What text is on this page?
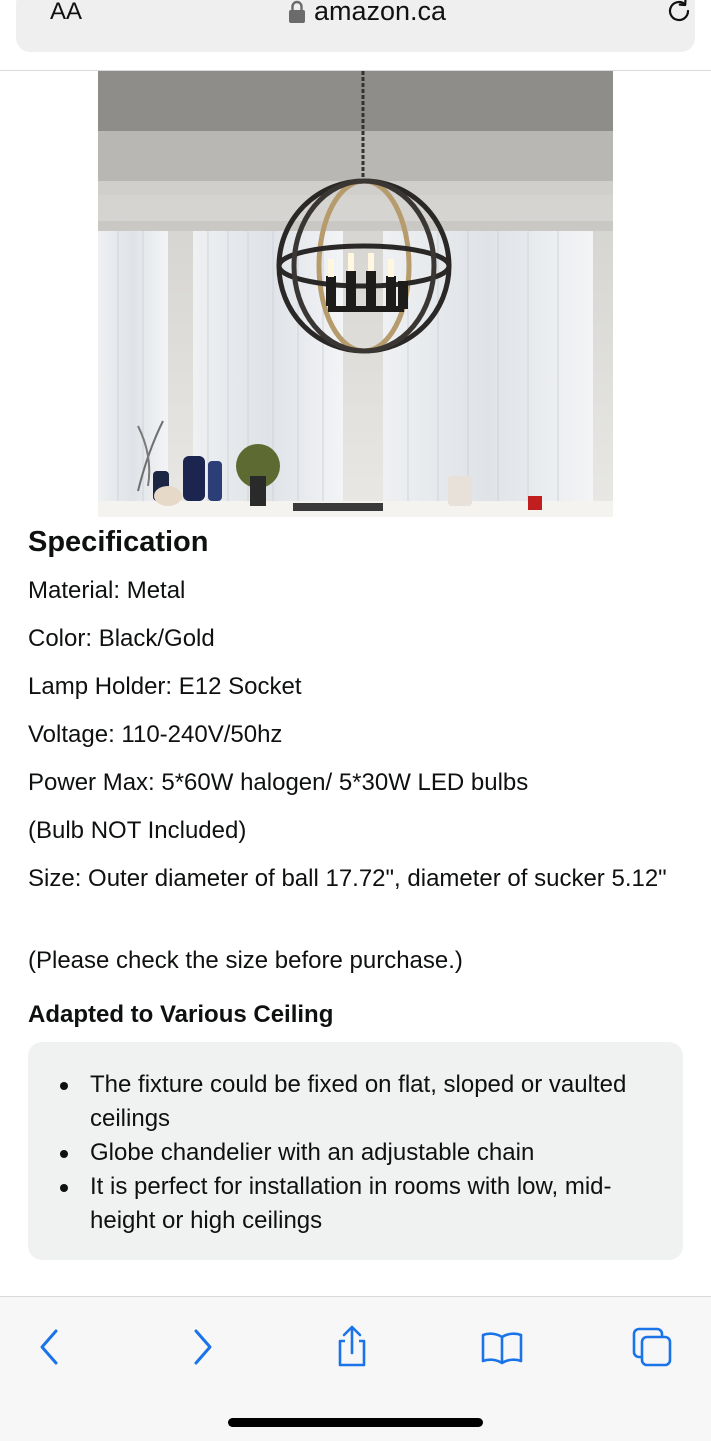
AA	amazon.ca
Specification
Material: Metal
Color: Black/Gold
Lamp Holder: E12 Socket
Voltage: 110-240V/50hz
Power Max: 5*60W halogen/ 5*30W LED bulbs
(Bulb NOT Included)
Size: Outer diameter of ball 17.72", diameter of sucker 5.12"
(Please check the size before purchase.)
Adapted to Various Ceiling
The fixture could be fixed on flat, sloped or vaulted ceilings
Globe chandelier with an adjustable chain
It is perfect for installation in rooms with low, mid-height or high ceilings
